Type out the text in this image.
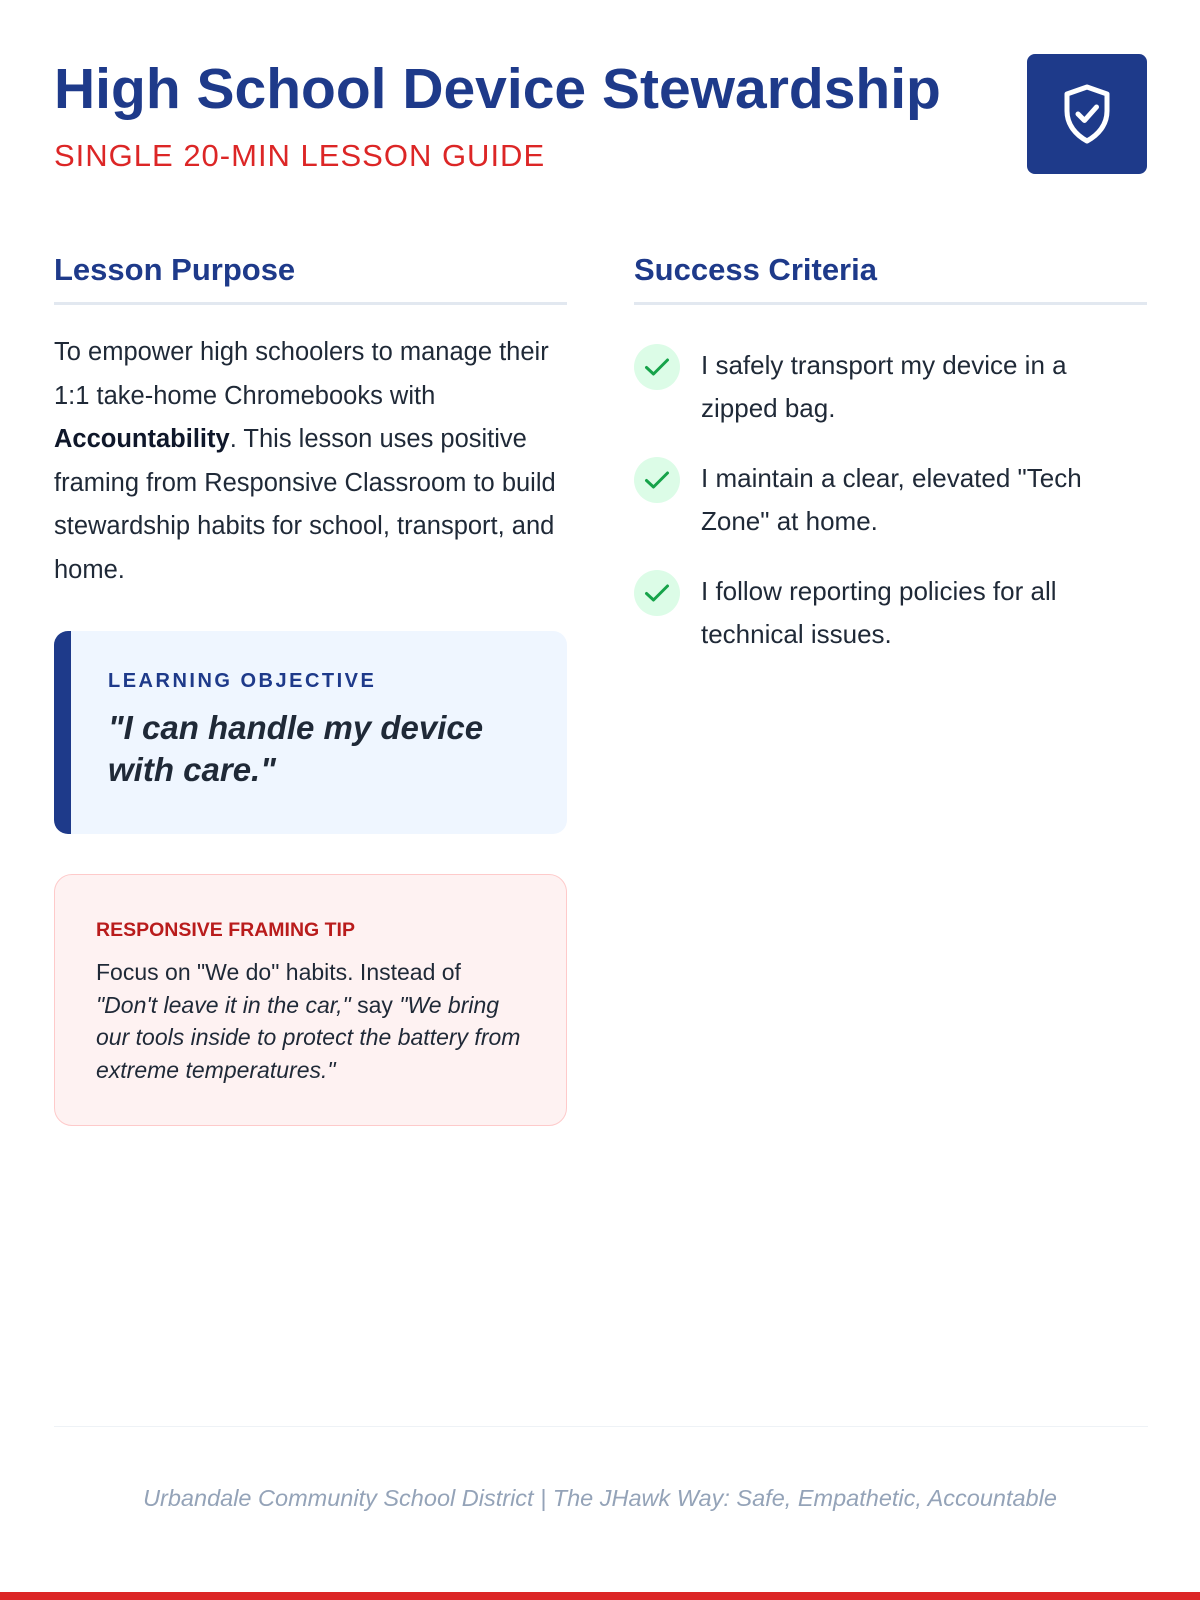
High School Device Stewardship
SINGLE 20-MIN LESSON GUIDE
Lesson Purpose

To empower high schoolers to manage their 1:1 take-home Chromebooks with Accountability. This lesson uses positive framing from Responsive Classroom to build stewardship habits for school, transport, and home.

LEARNING OBJECTIVE
"I can handle my device with care."
RESPONSIVE FRAMING TIP
Focus on "We do" habits. Instead of "Don't leave it in the car," say "We bring our tools inside to protect the battery from extreme temperatures."
Success Criteria
I safely transport my device in a zipped bag.
I maintain a clear, elevated "Tech Zone" at home.
I follow reporting policies for all technical issues.

Urbandale Community School District | The JHawk Way: Safe, Empathetic, Accountable
